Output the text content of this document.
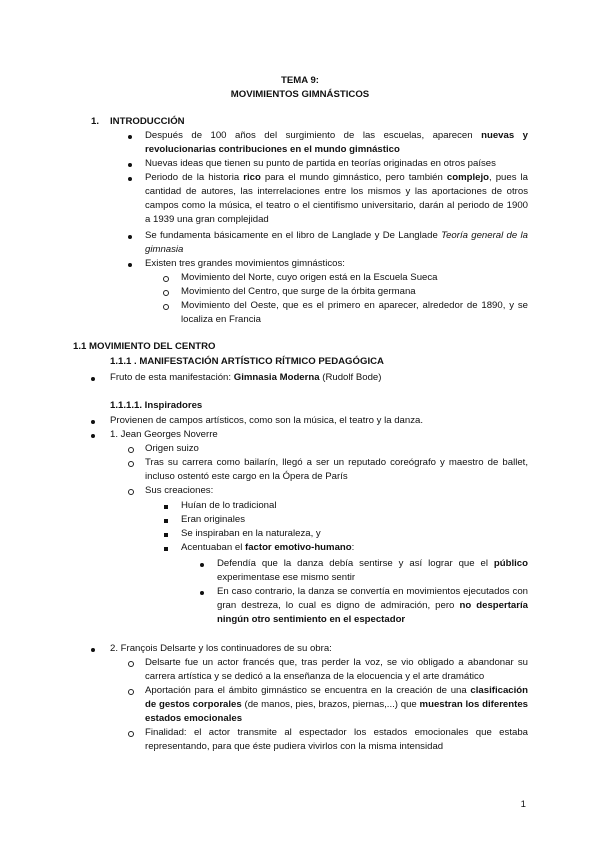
TEMA 9:
MOVIMIENTOS GIMNÁSTICOS
1. INTRODUCCIÓN
Después de 100 años del surgimiento de las escuelas, aparecen nuevas y
revolucionarias contribuciones en el mundo gimnástico
Nuevas ideas que tienen su punto de partida en teorías originadas en otros países
Periodo de la historia rico para el mundo gimnástico, pero también complejo, pues la
cantidad de autores, las interrelaciones entre los mismos y las aportaciones de otros
campos como la música, el teatro o el cientifismo universitario, darán al periodo de 1900
a 1939 una gran complejidad
Se fundamenta básicamente en el libro de Langlade y De Langlade Teoría general de la
gimnasia
Existen tres grandes movimientos gimnásticos:
Movimiento del Norte, cuyo origen está en la Escuela Sueca
Movimiento del Centro, que surge de la órbita germana
Movimiento del Oeste, que es el primero en aparecer, alrededor de 1890, y se
localiza en Francia
1.1 MOVIMIENTO DEL CENTRO
1.1.1 . MANIFESTACIÓN ARTÍSTICO RÍTMICO PEDAGÓGICA
Fruto de esta manifestación: Gimnasia Moderna (Rudolf Bode)
1.1.1.1. Inspiradores
Provienen de campos artísticos, como son la música, el teatro y la danza.
1. Jean Georges Noverre
Origen suizo
Tras su carrera como bailarín, llegó a ser un reputado coreógrafo y maestro de ballet,
incluso ostentó este cargo en la Ópera de París
Sus creaciones:
Huían de lo tradicional
Eran originales
Se inspiraban en la naturaleza, y
Acentuaban el factor emotivo-humano:
Defendía que la danza debía sentirse y así lograr que el público
experimentase ese mismo sentir
En caso contrario, la danza se convertía en movimientos ejecutados con
gran destreza, lo cual es digno de admiración, pero no despertaría
ningún otro sentimiento en el espectador
2. François Delsarte y los continuadores de su obra:
Delsarte fue un actor francés que, tras perder la voz, se vio obligado a abandonar su
carrera artística y se dedicó a la enseñanza de la elocuencia y el arte dramático
Aportación para el ámbito gimnástico se encuentra en la creación de una clasificación
de gestos corporales (de manos, pies, brazos, piernas,...) que muestran los diferentes
estados emocionales
Finalidad: el actor transmite al espectador los estados emocionales que estaba
representando, para que éste pudiera vivirlos con la misma intensidad
1
